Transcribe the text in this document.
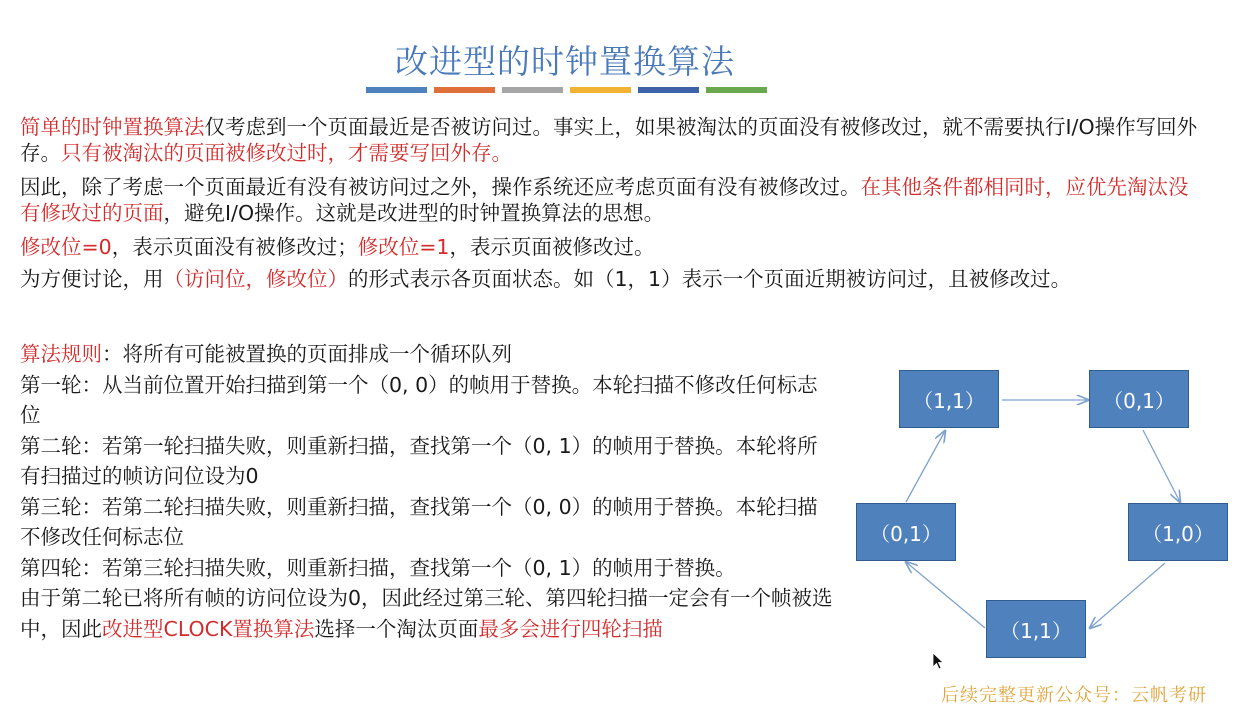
改进型的时钟置换算法

简单的时钟置换算法仅考虑到一个页面最近是否被访问过。事实上，如果被淘汰的页面没有被修改过，就不需要执行I/O操作写回外存。只有被淘汰的页面被修改过时，才需要写回外存。

因此，除了考虑一个页面最近有没有被访问过之外，操作系统还应考虑页面有没有被修改过。在其他条件都相同时，应优先淘汰没有修改过的页面，避免I/O操作。这就是改进型的时钟置换算法的思想。

修改位=0，表示页面没有被修改过；修改位=1，表示页面被修改过。

为方便讨论，用（访问位，修改位）的形式表示各页面状态。如（1，1）表示一个页面近期被访问过，且被修改过。

算法规则：将所有可能被置换的页面排成一个循环队列
第一轮：从当前位置开始扫描到第一个（0, 0）的帧用于替换。本轮扫描不修改任何标志位
第二轮：若第一轮扫描失败，则重新扫描，查找第一个（0, 1）的帧用于替换。本轮将所有扫描过的帧访问位设为0
第三轮：若第二轮扫描失败，则重新扫描，查找第一个（0, 0）的帧用于替换。本轮扫描不修改任何标志位
第四轮：若第三轮扫描失败，则重新扫描，查找第一个（0, 1）的帧用于替换。
由于第二轮已将所有帧的访问位设为0，因此经过第三轮、第四轮扫描一定会有一个帧被选中，因此改进型CLOCK置换算法选择一个淘汰页面最多会进行四轮扫描
（1,1）	（0,1）
（1,0）
（1,1）
（0,1）
后续完整更新公众号：云帆考研
